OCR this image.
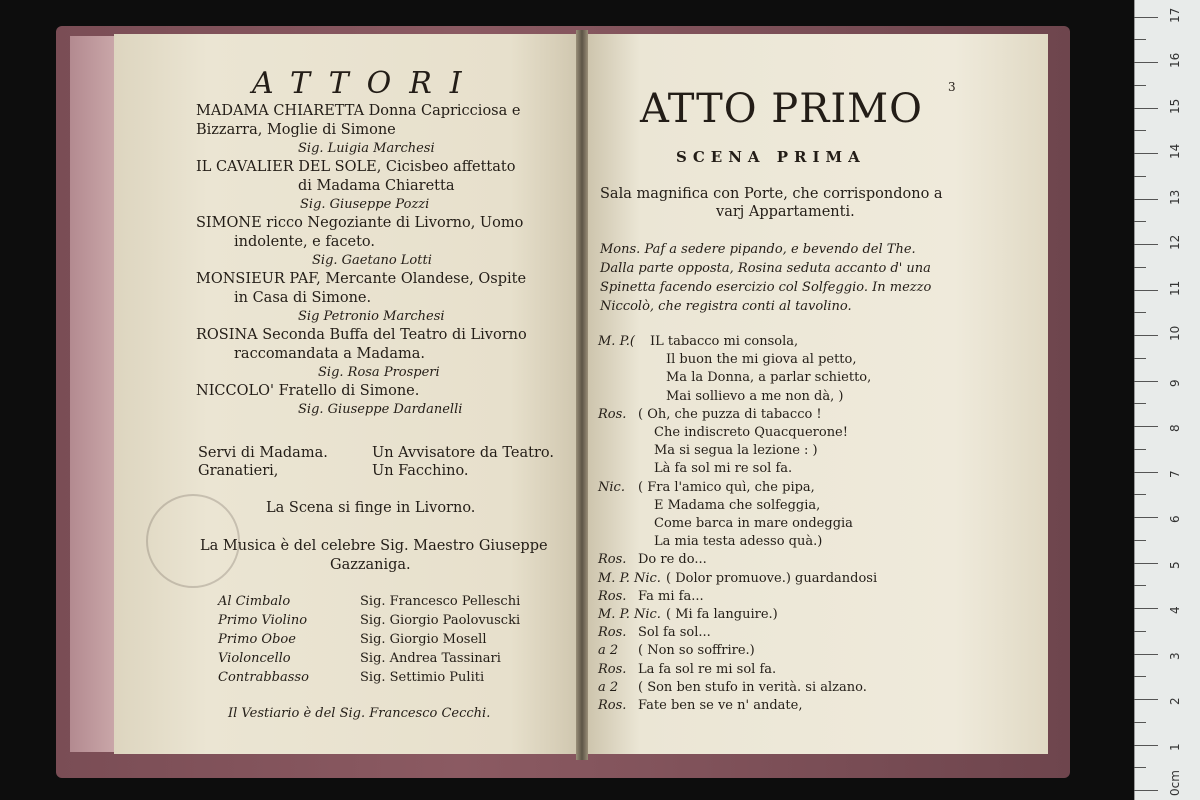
ATTORI
MADAMA CHIARETTA Donna Capricciosa e
Bizzarra, Moglie di Simone
Sig. Luigia Marchesi
IL CAVALIER DEL SOLE, Cicisbeo affettato
di Madama Chiaretta
Sig. Giuseppe Pozzi
SIMONE ricco Negoziante di Livorno, Uomo
indolente, e faceto.
Sig. Gaetano Lotti
MONSIEUR PAF, Mercante Olandese, Ospite
in Casa di Simone.
Sig Petronio Marchesi
ROSINA Seconda Buffa del Teatro di Livorno
raccomandata a Madama.
Sig. Rosa Prosperi
NICCOLO' Fratello di Simone.
Sig. Giuseppe Dardanelli
Servi di Madama.	Un Avvisatore da Teatro.
Granatieri,	Un Facchino.
La Scena si finge in Livorno.
La Musica è del celebre Sig. Maestro Giuseppe
Gazzaniga.
Al Cimbalo	Sig. Francesco Pelleschi
Primo Violino	Sig. Giorgio Paolovuscki
Primo Oboe	Sig. Giorgio Mosell
Violoncello	Sig. Andrea Tassinari
Contrabbasso	Sig. Settimio Puliti
Il Vestiario è del Sig. Francesco Cecchi.
3
ATTO PRIMO
SCENA PRIMA
Sala magnifica con Porte, che corrispondono a
varj Appartamenti.
Mons. Paf a sedere pipando, e bevendo del The.
Dalla parte opposta, Rosina seduta accanto d' una
Spinetta facendo esercizio col Solfeggio. In mezzo
Niccolò, che registra conti al tavolino.
M. P.( IL tabacco mi consola,
Il buon the mi giova al petto,
Ma la Donna, a parlar schietto,
Mai sollievo a me non dà, )
Ros. ( Oh, che puzza di tabacco !
Che indiscreto Quacquerone!
Ma si segua la lezione : )
Là fa sol mi re sol fa.
Nic. ( Fra l'amico quì, che pipa,
E Madama che solfeggia,
Come barca in mare ondeggia
La mia testa adesso quà.)
Ros. Do re do...
M. P. Nic. ( Dolor promuove.) guardandosi
Ros. Fa mi fa...
M. P. Nic. ( Mi fa languire.)
Ros. Sol fa sol...
a 2 ( Non so soffrire.)
Ros. La fa sol re mi sol fa.
a 2 ( Son ben stufo in verità. si alzano.
Ros. Fate ben se ve n' andate,
0cm
1
2
3
4
5
6
7
8
9
10
11
12
13
14
15
16
17
